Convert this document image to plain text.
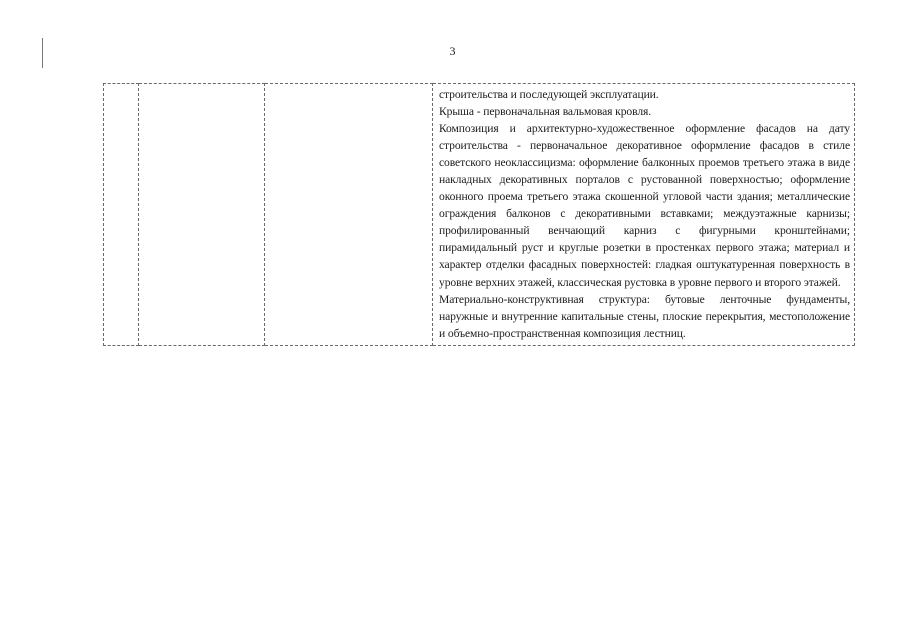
3

строительства и последующей эксплуатации.
Крыша - первоначальная вальмовая кровля.
Композиция и архитектурно-художественное оформление фасадов на дату строительства - первоначальное декоративное оформление фасадов в стиле советского неоклассицизма: оформление балконных проемов третьего этажа в виде накладных декоративных порталов с рустованной поверхностью; оформление оконного проема третьего этажа скошенной угловой части здания; металлические ограждения балконов с декоративными вставками; междуэтажные карнизы; профилированный венчающий карниз с фигурными кронштейнами; пирамидальный руст и круглые розетки в простенках первого этажа; материал и характер отделки фасадных поверхностей: гладкая оштукатуренная поверхность в уровне верхних этажей, классическая рустовка в уровне первого и второго этажей.
Материально-конструктивная структура: бутовые ленточные фундаменты, наружные и внутренние капитальные стены, плоские перекрытия, местоположение и объемно-пространственная композиция лестниц.
